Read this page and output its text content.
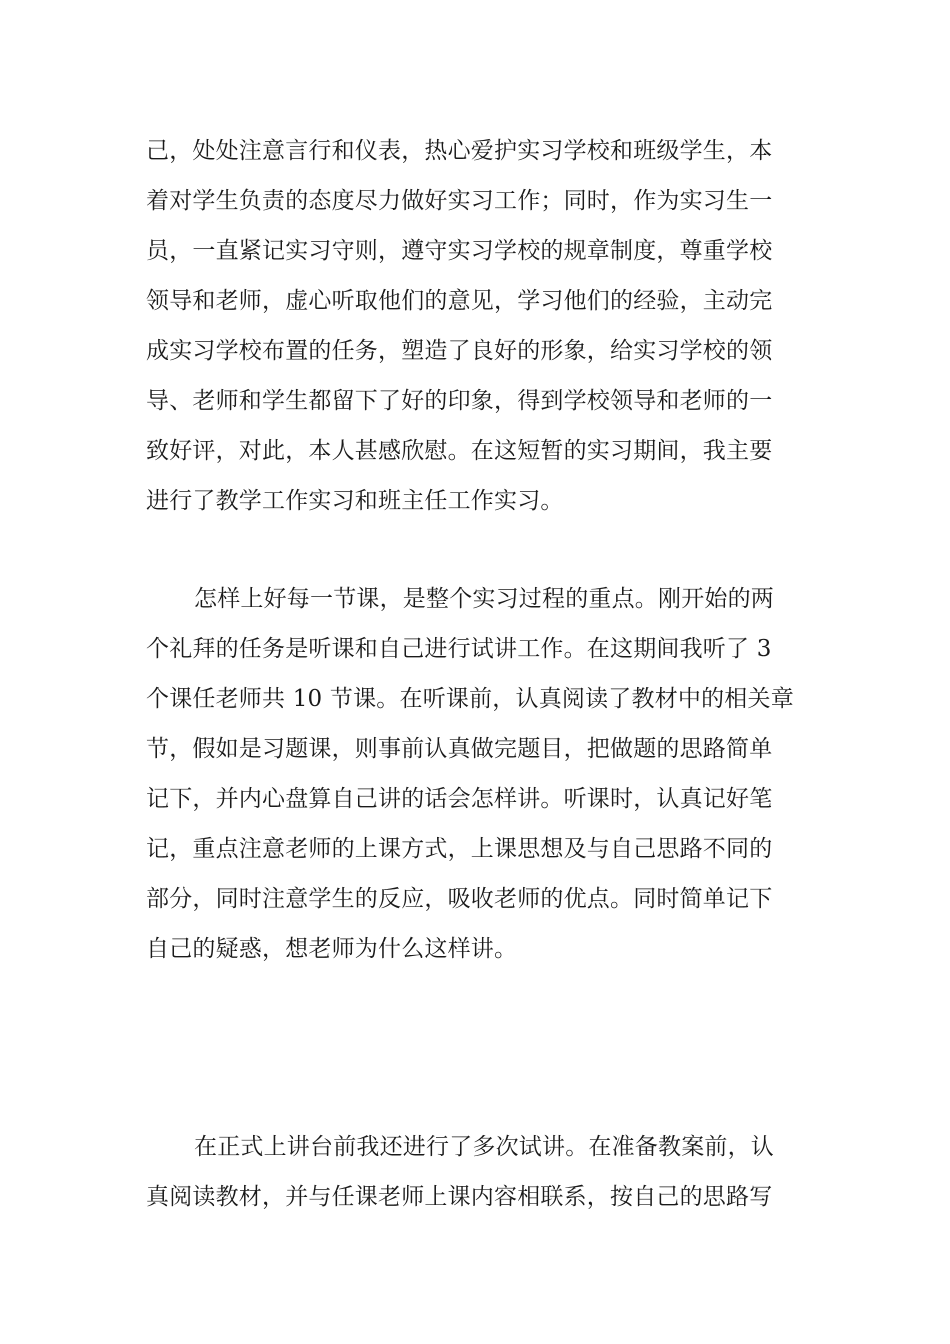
己，处处注意言行和仪表，热心爱护实习学校和班级学生，本
着对学生负责的态度尽力做好实习工作；同时，作为实习生一
员，一直紧记实习守则，遵守实习学校的规章制度，尊重学校
领导和老师，虚心听取他们的意见，学习他们的经验，主动完
成实习学校布置的任务，塑造了良好的形象，给实习学校的领
导、老师和学生都留下了好的印象，得到学校领导和老师的一
致好评，对此，本人甚感欣慰。在这短暂的实习期间，我主要
进行了教学工作实习和班主任工作实习。
怎样上好每一节课，是整个实习过程的重点。刚开始的两
个礼拜的任务是听课和自己进行试讲工作。在这期间我听了 3
个课任老师共 10 节课。在听课前，认真阅读了教材中的相关章
节，假如是习题课，则事前认真做完题目，把做题的思路简单
记下，并内心盘算自己讲的话会怎样讲。听课时，认真记好笔
记，重点注意老师的上课方式，上课思想及与自己思路不同的
部分，同时注意学生的反应，吸收老师的优点。同时简单记下
自己的疑惑，想老师为什么这样讲。
在正式上讲台前我还进行了多次试讲。在准备教案前，认
真阅读教材，并与任课老师上课内容相联系，按自己的思路写
